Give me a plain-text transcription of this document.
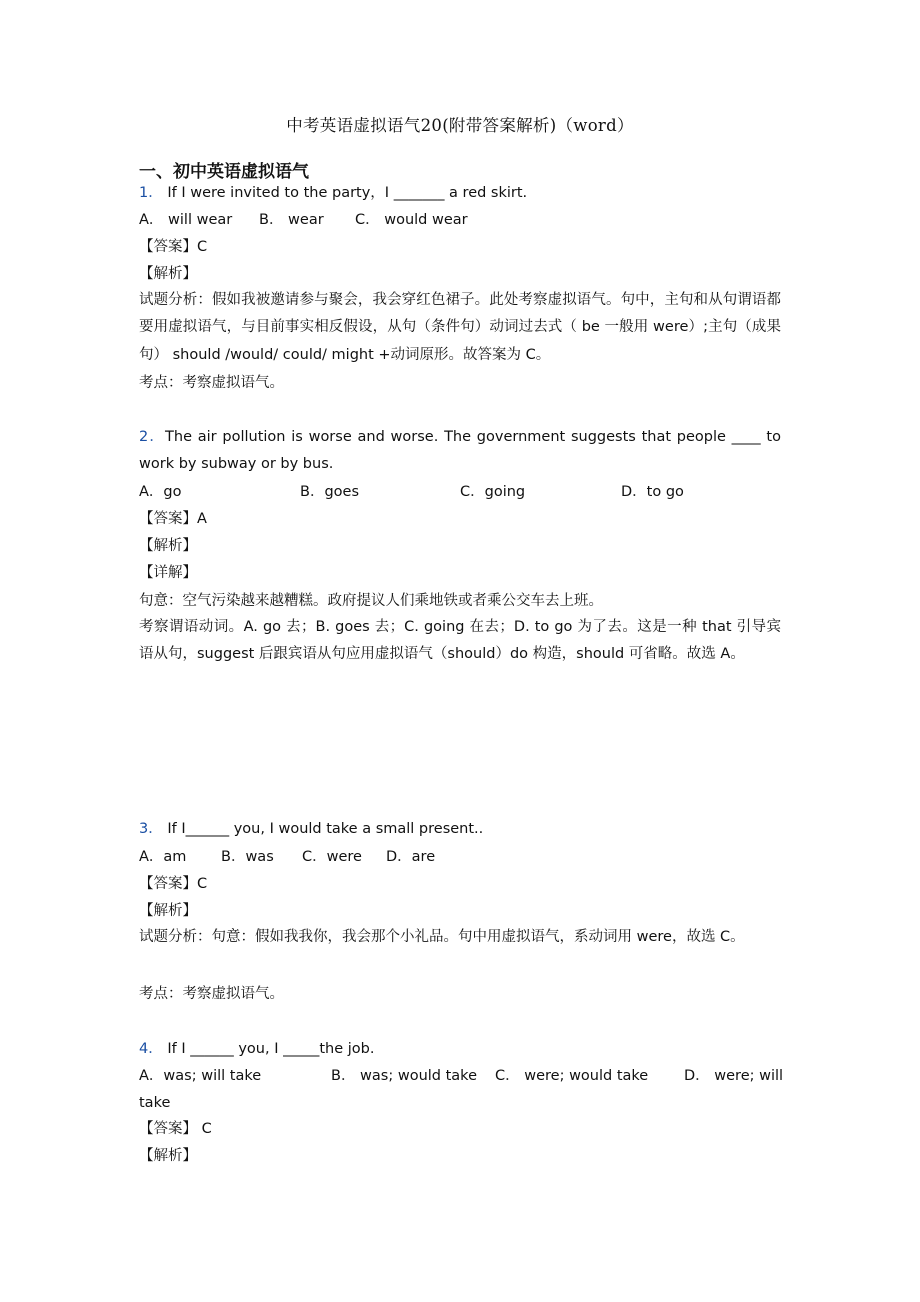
中考英语虚拟语气20(附带答案解析)（word）
一、初中英语虚拟语气
1． If I were invited to the party，I _______ a red skirt.
A． will wear B． wear C． would wear
【答案】C
【解析】
试题分析：假如我被邀请参与聚会，我会穿红色裙子。此处考察虚拟语气。句中，主句和从句谓语都要用虚拟语气，与目前事实相反假设，从句（条件句）动词过去式（ be 一般用 were）;主句（成果句） should /would/ could/ might +动词原形。故答案为 C。
考点：考察虚拟语气。
2．The air pollution is worse and worse. The government suggests that people ____ to work by subway or by bus.
A．go	B．goes	C．going	D．to go
【答案】A
【解析】
【详解】
句意：空气污染越来越糟糕。政府提议人们乘地铁或者乘公交车去上班。
考察谓语动词。A. go 去；B. goes 去；C. going 在去；D. to go 为了去。这是一种 that 引导宾语从句，suggest 后跟宾语从句应用虚拟语气（should）do 构造，should 可省略。故选 A。
3． If I______ you, I would take a small present..
A．am B．was C．were D．are
【答案】C
【解析】
试题分析：句意：假如我我你，我会那个小礼品。句中用虚拟语气，系动词用 were，故选 C。
考点：考察虚拟语气。
4． If I ______ you, I _____the job.
A．was; will take	B． was; would take C． were; would take D． were; will
take
【答案】 C
【解析】
